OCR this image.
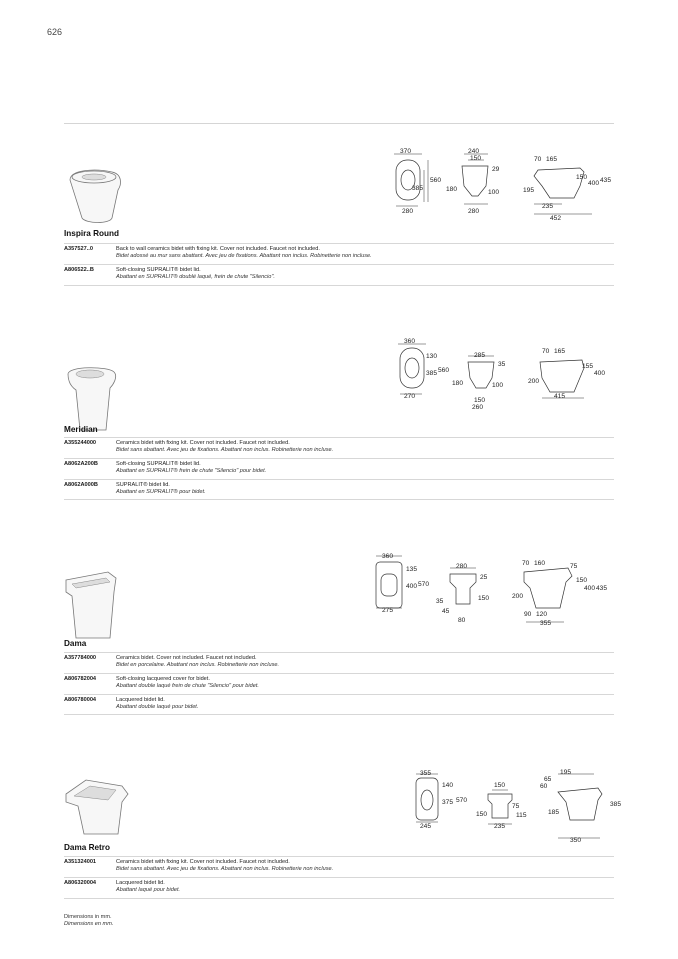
626
370
560
385
280
240
150
29
180	100
280
70 165
150
400 435
195
235
452
Inspira Round
A357527..0	Back to wall ceramics bidet with fixing kit. Cover not included. Faucet not included.
Bidet adossé au mur sans abattant. Avec jeu de fixations. Abattant non inclus. Robinetterie non incluse.
A806522..B	Soft-closing SUPRALIT® bidet lid.
Abattant en SUPRALIT® doublé laqué, frein de chute "Silencio".
360
130
385 560
270
285
35
180	100
150
260
70 165
155
400
200
415
Meridian
A355244000	Ceramics bidet with fixing kit. Cover not included. Faucet not included.
Bidet sans abattant. Avec jeu de fixations. Abattant non inclus. Robinetterie non incluse.
A8062A200B	Soft-closing SUPRALIT® bidet lid.
Abattant en SUPRALIT® frein de chute "Silencio" pour bidet.
A8062A000B	SUPRALIT® bidet lid.
Abattant en SUPRALIT® pour bidet.
360
135
400 570
275
280
25
35	150
45
80
70 160	75
150
400 435
200
90 120
355
Dama
A357784000	Ceramics bidet. Cover not included. Faucet not included.
Bidet en porcelaine. Abattant non inclus. Robinetterie non incluse.
A806782004	Soft-closing lacquered cover for bidet.
Abattant double laqué frein de chute "Silencio" pour bidet.
A806780004	Lacquered bidet lid.
Abattant double laqué pour bidet.
355
140
375 570
245
150
75
150	115
235
65
195
60
385
185
350
Dama Retro
A351324001	Ceramics bidet with fixing kit. Cover not included. Faucet not included.
Bidet sans abattant. Avec jeu de fixations. Abattant non inclus. Robinetterie non incluse.
A806320004	Lacquered bidet lid.
Abattant laqué pour bidet.
Dimensions in mm.
Dimensions en mm.
